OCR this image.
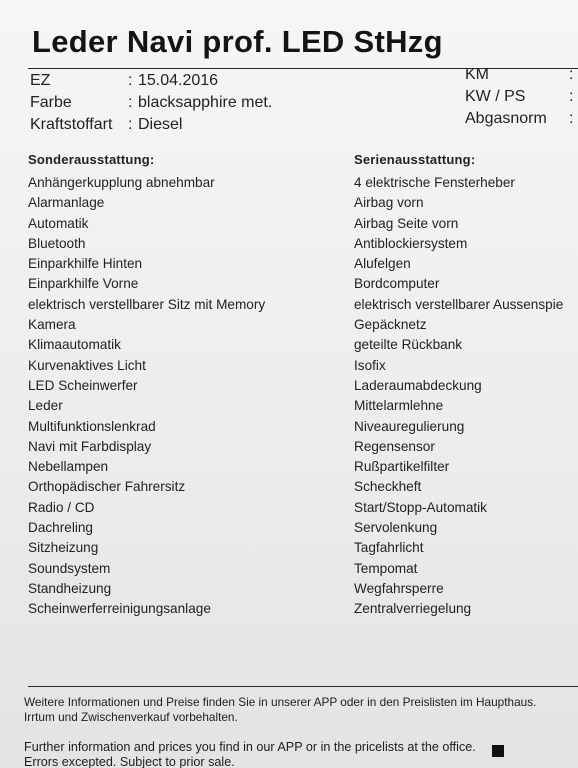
Leder Navi prof. LED StHzg
EZ	: 15.04.2016
Farbe	: blacksapphire met.
Kraftstoffart : Diesel
KM	:
KW / PS	:
Abgasnorm :
Sonderausstattung:
Anhängerkupplung abnehmbar
Alarmanlage
Automatik
Bluetooth
Einparkhilfe Hinten
Einparkhilfe Vorne
elektrisch verstellbarer Sitz mit Memory
Kamera
Klimaautomatik
Kurvenaktives Licht
LED Scheinwerfer
Leder
Multifunktionslenkrad
Navi mit Farbdisplay
Nebellampen
Orthopädischer Fahrersitz
Radio / CD
Dachreling
Sitzheizung
Soundsystem
Standheizung
Scheinwerferreinigungsanlage
Serienausstattung:
4 elektrische Fensterheber
Airbag vorn
Airbag Seite vorn
Antiblockiersystem
Alufelgen
Bordcomputer
elektrisch verstellbarer Aussenspie
Gepäcknetz
geteilte Rückbank
Isofix
Laderaumabdeckung
Mittelarmlehne
Niveauregulierung
Regensensor
Rußpartikelfilter
Scheckheft
Start/Stopp-Automatik
Servolenkung
Tagfahrlicht
Tempomat
Wegfahrsperre
Zentralverriegelung
Weitere Informationen und Preise finden Sie in unserer APP oder in den Preislisten im Haupthaus.
Irrtum und Zwischenverkauf vorbehalten.
Further information and prices you find in our APP or in the pricelists at the office.
Errors excepted. Subject to prior sale.
